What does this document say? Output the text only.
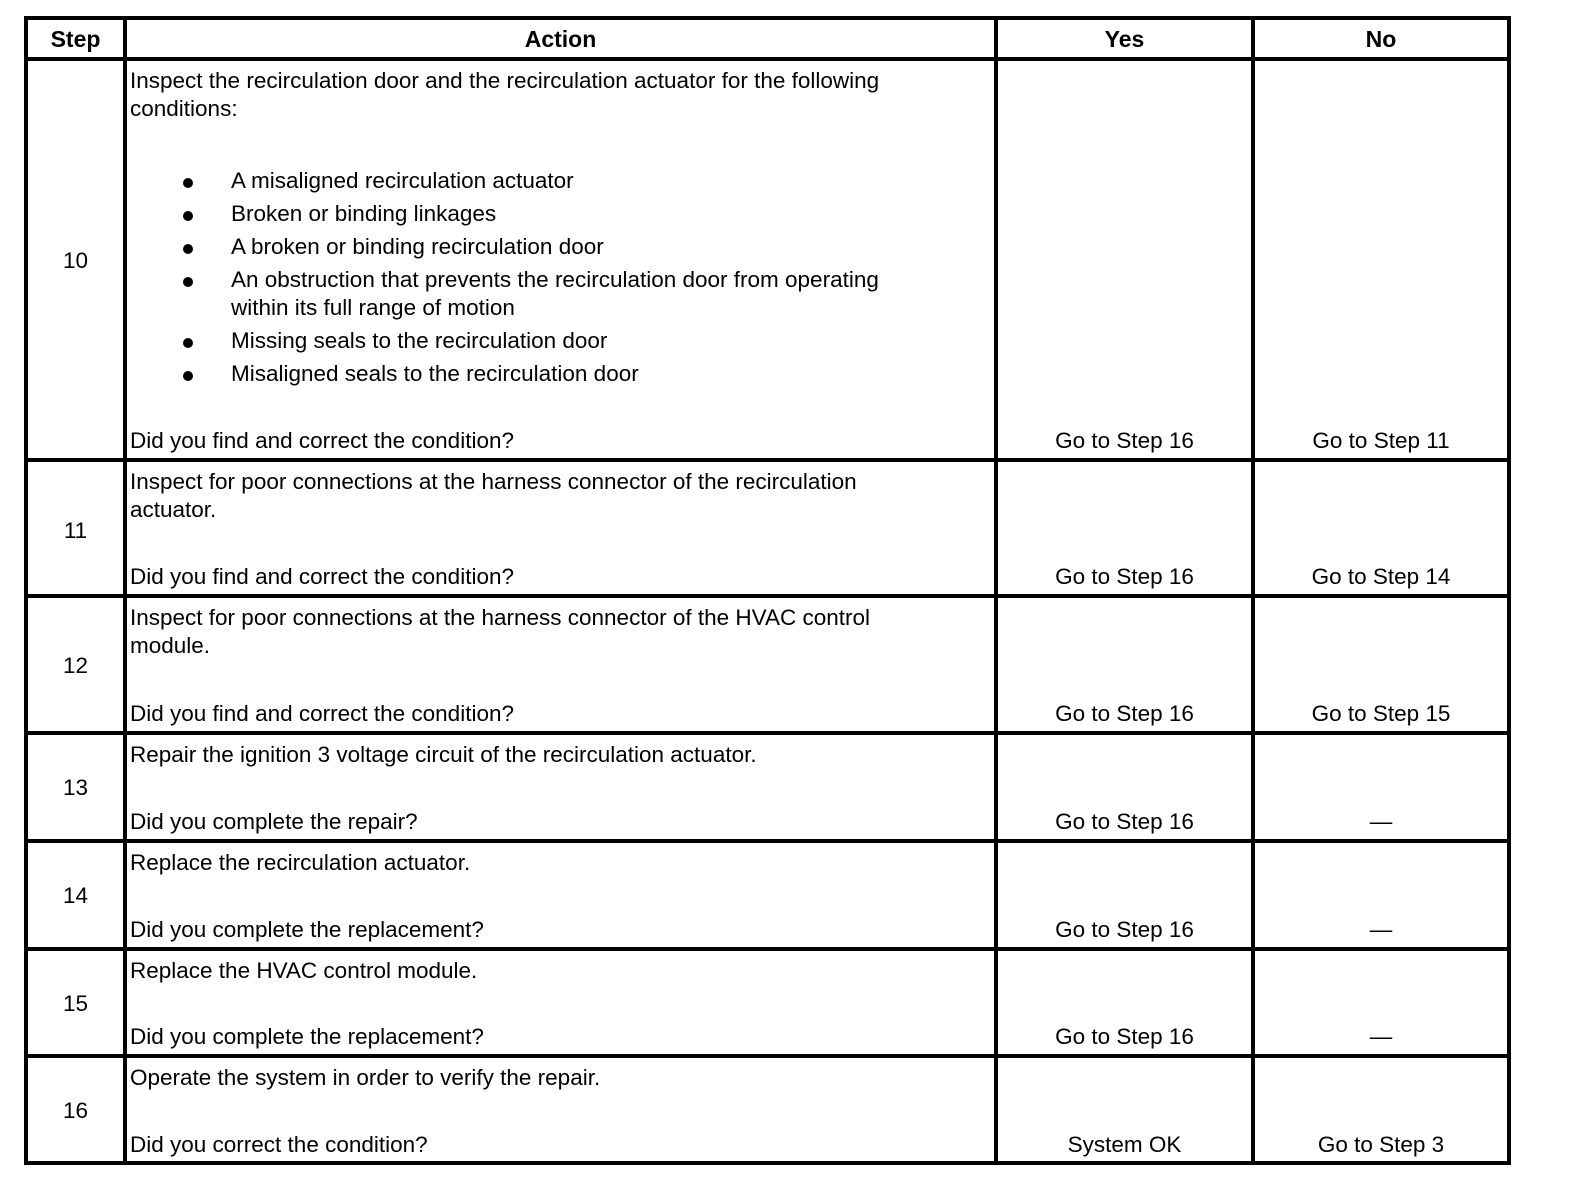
Step	Action	Yes	No
10
Inspect the recirculation door and the recirculation actuator for the following
conditions:
A misaligned recirculation actuator
Broken or binding linkages
A broken or binding recirculation door
An obstruction that prevents the recirculation door from operating
within its full range of motion
Missing seals to the recirculation door
Misaligned seals to the recirculation door
Did you find and correct the condition?	Go to Step 16	Go to Step 11
11
Inspect for poor connections at the harness connector of the recirculation
actuator.
Did you find and correct the condition?	Go to Step 16	Go to Step 14
12
Inspect for poor connections at the harness connector of the HVAC control
module.
Did you find and correct the condition?	Go to Step 16	Go to Step 15
13
Repair the ignition 3 voltage circuit of the recirculation actuator.
Did you complete the repair?	Go to Step 16	—
14
Replace the recirculation actuator.
Did you complete the replacement?	Go to Step 16	—
15
Replace the HVAC control module.
Did you complete the replacement?	Go to Step 16	—
16
Operate the system in order to verify the repair.
Did you correct the condition?	System OK	Go to Step 3
